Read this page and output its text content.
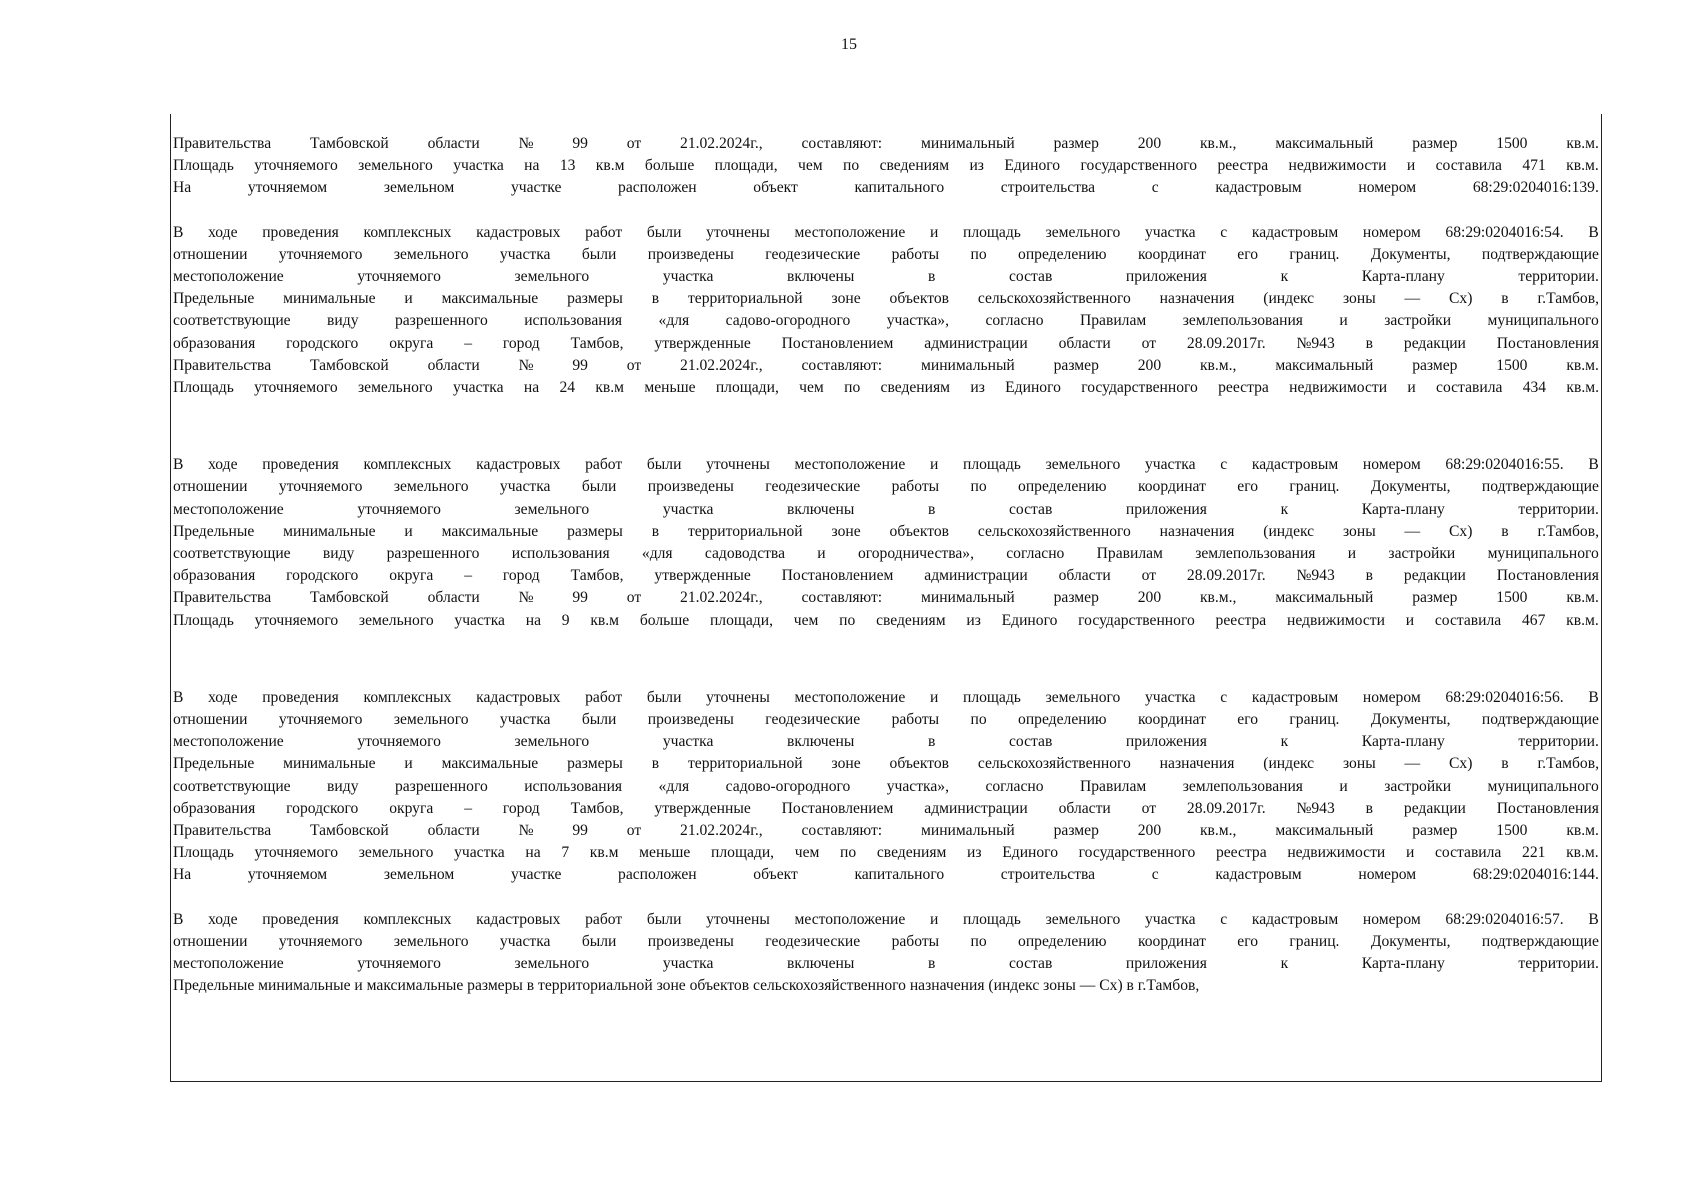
15
Правительства Тамбовской области № 99 от 21.02.2024г., составляют: минимальный размер 200 кв.м., максимальный размер 1500 кв.м.
Площадь уточняемого земельного участка на 13 кв.м больше площади, чем по сведениям из Единого государственного реестра недвижимости и составила 471 кв.м.
На	уточняемом	земельном	участке	расположен	объект	капитального	строительства	с	кадастровым	номером	68:29:0204016:139.
В ходе проведения комплексных кадастровых работ были уточнены местоположение и площадь земельного участка с кадастровым номером 68:29:0204016:54. В
отношении уточняемого земельного участка были произведены геодезические работы по определению координат его границ. Документы, подтверждающие
местоположение	уточняемого	земельного	участка	включены	в	состав	приложения	к	Карта-плану	территории.
Предельные минимальные и максимальные размеры в территориальной зоне объектов сельскохозяйственного назначения (индекс зоны — Сх) в г.Тамбов,
соответствующие виду разрешенного использования «для садово-огородного участка», согласно Правилам землепользования и застройки муниципального
образования городского округа – город Тамбов, утвержденные Постановлением администрации области от 28.09.2017г. №943 в редакции Постановления
Правительства Тамбовской области № 99 от 21.02.2024г., составляют: минимальный размер 200 кв.м., максимальный размер 1500 кв.м.
Площадь уточняемого земельного участка на 24 кв.м меньше площади, чем по сведениям из Единого государственного реестра недвижимости и составила 434 кв.м.
В ходе проведения комплексных кадастровых работ были уточнены местоположение и площадь земельного участка с кадастровым номером 68:29:0204016:55. В
отношении уточняемого земельного участка были произведены геодезические работы по определению координат его границ. Документы, подтверждающие
местоположение	уточняемого	земельного	участка	включены	в	состав	приложения	к	Карта-плану	территории.
Предельные минимальные и максимальные размеры в территориальной зоне объектов сельскохозяйственного назначения (индекс зоны — Сх) в г.Тамбов,
соответствующие виду разрешенного использования «для садоводства и огородничества», согласно Правилам землепользования и застройки муниципального
образования городского округа – город Тамбов, утвержденные Постановлением администрации области от 28.09.2017г. №943 в редакции Постановления
Правительства Тамбовской области № 99 от 21.02.2024г., составляют: минимальный размер 200 кв.м., максимальный размер 1500 кв.м.
Площадь уточняемого земельного участка на 9 кв.м больше площади, чем по сведениям из Единого государственного реестра недвижимости и составила 467 кв.м.
В ходе проведения комплексных кадастровых работ были уточнены местоположение и площадь земельного участка с кадастровым номером 68:29:0204016:56. В
отношении уточняемого земельного участка были произведены геодезические работы по определению координат его границ. Документы, подтверждающие
местоположение	уточняемого	земельного	участка	включены	в	состав	приложения	к	Карта-плану	территории.
Предельные минимальные и максимальные размеры в территориальной зоне объектов сельскохозяйственного назначения (индекс зоны — Сх) в г.Тамбов,
соответствующие виду разрешенного использования «для садово-огородного участка», согласно Правилам землепользования и застройки муниципального
образования городского округа – город Тамбов, утвержденные Постановлением администрации области от 28.09.2017г. №943 в редакции Постановления
Правительства Тамбовской области № 99 от 21.02.2024г., составляют: минимальный размер 200 кв.м., максимальный размер 1500 кв.м.
Площадь уточняемого земельного участка на 7 кв.м меньше площади, чем по сведениям из Единого государственного реестра недвижимости и составила 221 кв.м.
На	уточняемом	земельном	участке	расположен	объект	капитального	строительства	с	кадастровым	номером	68:29:0204016:144.
В ходе проведения комплексных кадастровых работ были уточнены местоположение и площадь земельного участка с кадастровым номером 68:29:0204016:57. В
отношении уточняемого земельного участка были произведены геодезические работы по определению координат его границ. Документы, подтверждающие
местоположение	уточняемого	земельного	участка	включены	в	состав	приложения	к	Карта-плану	территории.
Предельные минимальные и максимальные размеры в территориальной зоне объектов сельскохозяйственного назначения (индекс зоны — Сх) в г.Тамбов,
